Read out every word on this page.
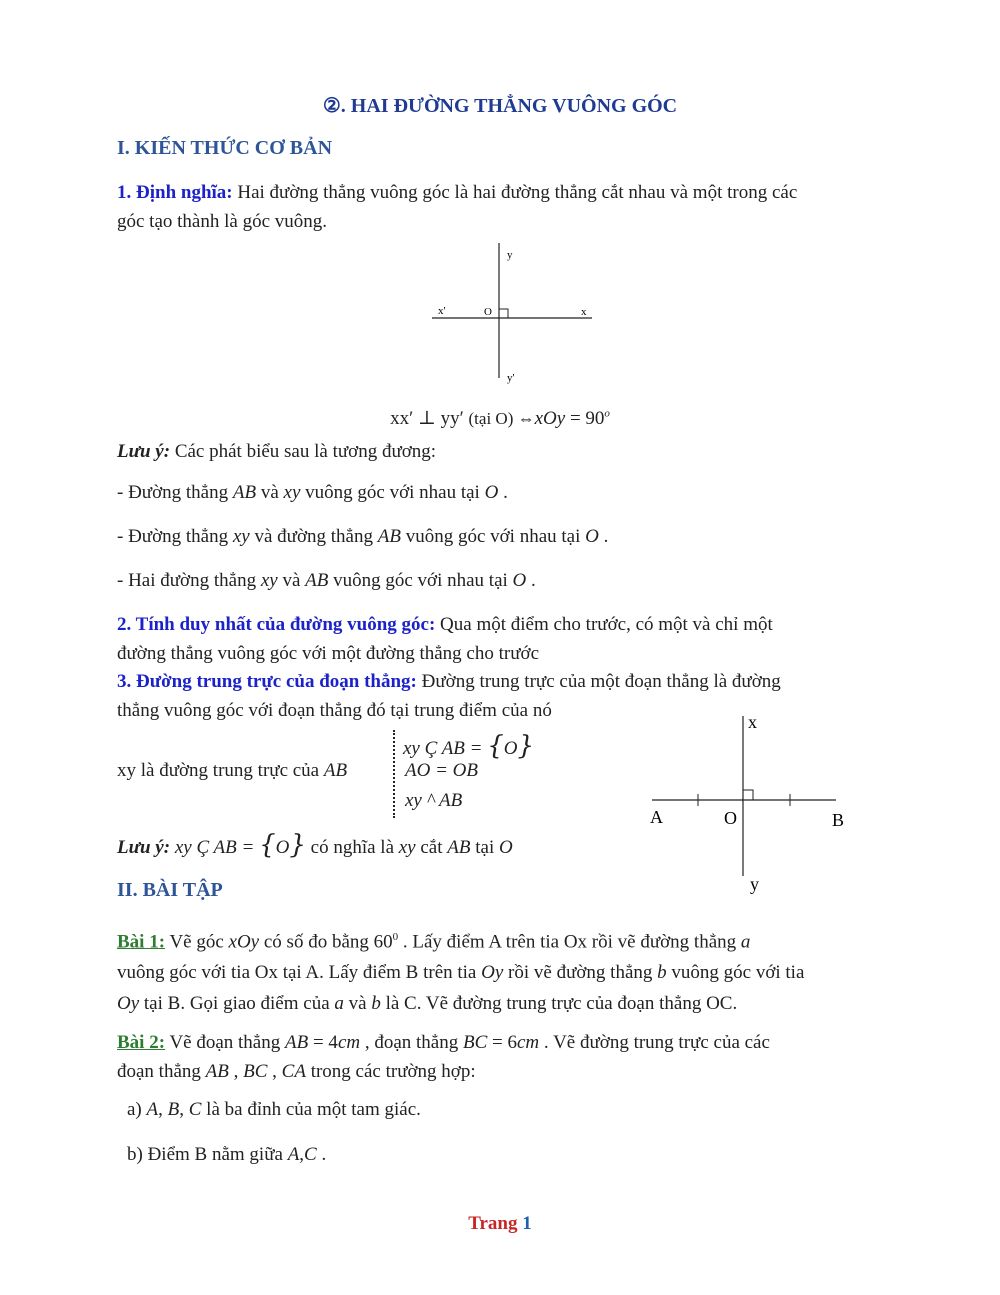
②. HAI ĐƯỜNG THẲNG VUÔNG GÓC
I. KIẾN THỨC CƠ BẢN
1. Định nghĩa: Hai đường thẳng vuông góc là hai đường thẳng cắt nhau và một trong các
góc tạo thành là góc vuông.
y
x'	O	x
y'
xx′ ⊥ yy′ (tại O) ⇔xOy = $90^o$
Lưu ý: Các phát biểu sau là tương đương:
- Đường thẳng AB và xy vuông góc với nhau tại O .
- Đường thẳng xy và đường thẳng AB vuông góc với nhau tại O .
- Hai đường thẳng xy và AB vuông góc với nhau tại O .
2. Tính duy nhất của đường vuông góc: Qua một điểm cho trước, có một và chỉ một
đường thẳng vuông góc với một đường thẳng cho trước
3. Đường trung trực của đoạn thẳng: Đường trung trực của một đoạn thẳng là đường
thẳng vuông góc với đoạn thẳng đó tại trung điểm của nó
xy là đường trung trực của AB
xy Ç AB = {O}
AO = OB
xy ^ AB
x
A	O	B
y
Lưu ý: xy Ç AB = {O} có nghĩa là xy cắt AB tại O
II. BÀI TẬP
Bài 1: Vẽ góc xOy có số đo bằng $60^0$ . Lấy điểm A trên tia Ox rồi vẽ đường thẳng a
vuông góc với tia Ox tại A. Lấy điểm B trên tia Oy rồi vẽ đường thẳng b vuông góc với tia
Oy tại B. Gọi giao điểm của a và b là C. Vẽ đường trung trực của đoạn thẳng OC.
Bài 2: Vẽ đoạn thẳng AB = 4cm , đoạn thẳng BC = 6cm . Vẽ đường trung trực của các
đoạn thẳng AB , BC , CA trong các trường hợp:
a) A, B, C là ba đỉnh của một tam giác.
b) Điểm B nằm giữa A,C .
Trang 1
